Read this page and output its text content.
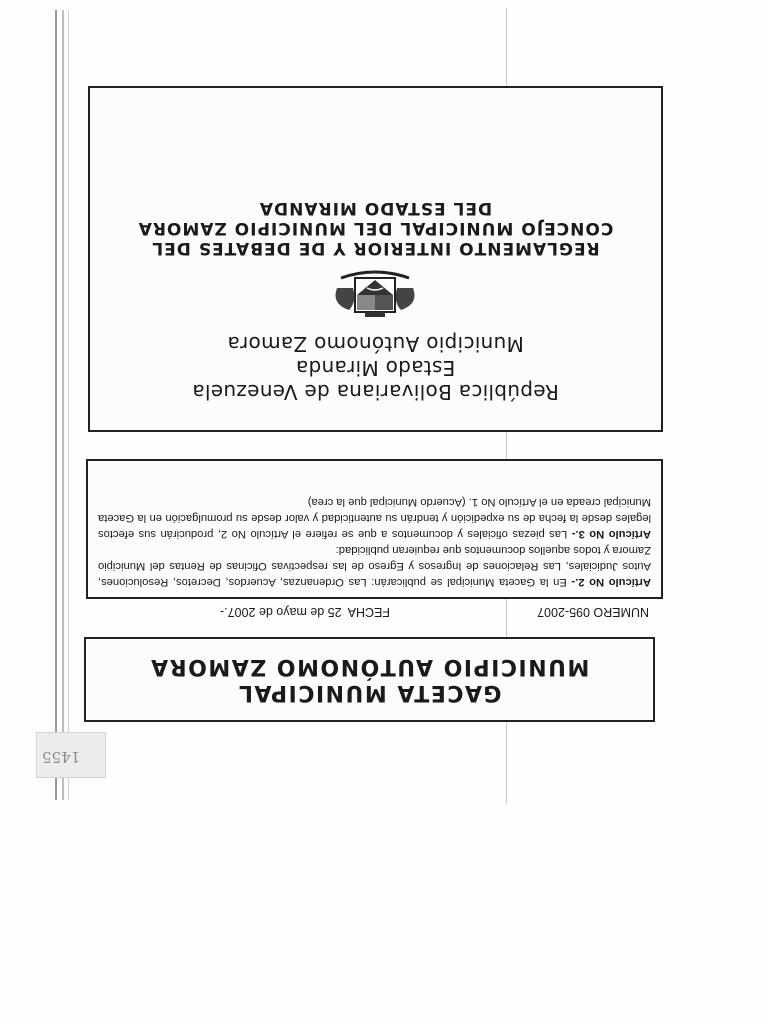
1455
República Bolivariana de Venezuela
Estado Miranda
Municipio Autónomo Zamora
REGLAMENTO INTERIOR Y DE DEBATES DEL
CONCEJO MUNICIPAL DEL MUNICIPIO ZAMORA
DEL ESTADO MIRANDA

Artículo No 2.- En la Gaceta Municipal se publicarán: Las Ordenanzas, Acuerdos, Decretos, Resoluciones, Autos Judiciales, Las Relaciones de Ingresos y Egreso de las respectivas Oficinas de Rentas del Municipio Zamora y todos aquellos documentos que requieran publicidad:

Artículo No 3.- Las piezas oficiales y documentos a que se refiere el Artículo No 2, producirán sus efectos legales desde la fecha de su expedición y tendrán su autenticidad y valor desde su promulgación en la Gaceta Municipal creada en el Artículo No 1. (Acuerdo Municipal que la crea)

NUMERO 095-2007
FECHA
25 de mayo de 2007.-
GACETA MUNICIPAL
MUNICIPIO AUTÓNOMO ZAMORA
